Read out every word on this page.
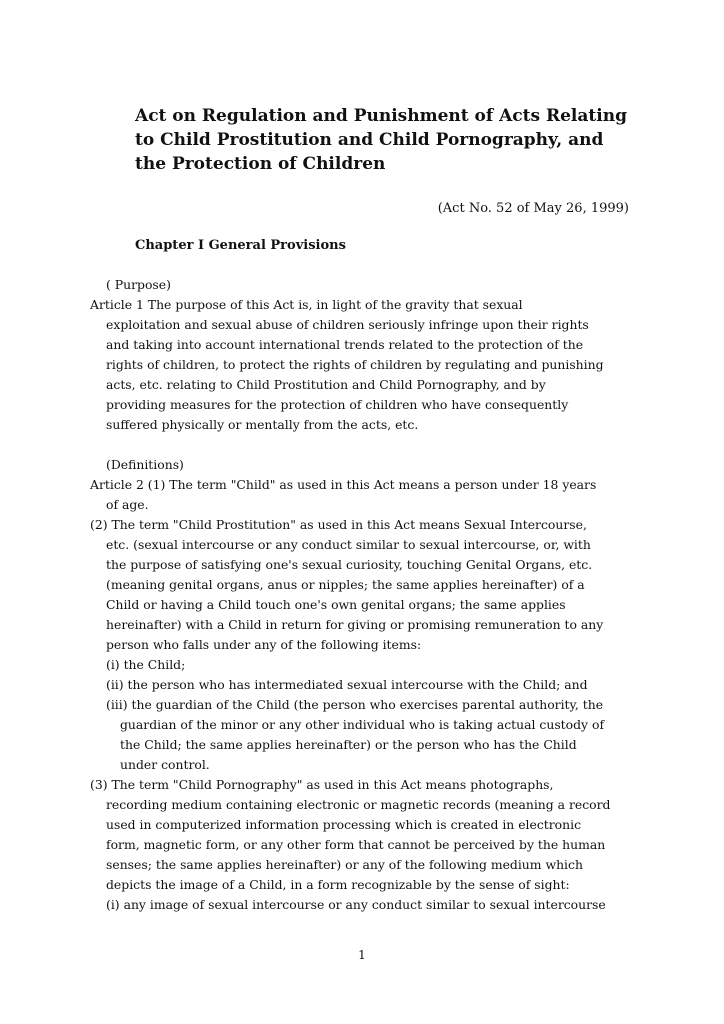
Act on Regulation and Punishment of Acts Relating
to Child Prostitution and Child Pornography, and
the Protection of Children
(Act No. 52 of May 26, 1999)
Chapter I General Provisions
( Purpose)
Article 1 The purpose of this Act is, in light of the gravity that sexual
exploitation and sexual abuse of children seriously infringe upon their rights
and taking into account international trends related to the protection of the
rights of children, to protect the rights of children by regulating and punishing
acts, etc. relating to Child Prostitution and Child Pornography, and by
providing measures for the protection of children who have consequently
suffered physically or mentally from the acts, etc.
(Definitions)
Article 2 (1) The term "Child" as used in this Act means a person under 18 years
of age.
(2) The term "Child Prostitution" as used in this Act means Sexual Intercourse,
etc. (sexual intercourse or any conduct similar to sexual intercourse, or, with
the purpose of satisfying one's sexual curiosity, touching Genital Organs, etc.
(meaning genital organs, anus or nipples; the same applies hereinafter) of a
Child or having a Child touch one's own genital organs; the same applies
hereinafter) with a Child in return for giving or promising remuneration to any
person who falls under any of the following items:
(i) the Child;
(ii) the person who has intermediated sexual intercourse with the Child; and
(iii) the guardian of the Child (the person who exercises parental authority, the
guardian of the minor or any other individual who is taking actual custody of
the Child; the same applies hereinafter) or the person who has the Child
under control.
(3) The term "Child Pornography" as used in this Act means photographs,
recording medium containing electronic or magnetic records (meaning a record
used in computerized information processing which is created in electronic
form, magnetic form, or any other form that cannot be perceived by the human
senses; the same applies hereinafter) or any of the following medium which
depicts the image of a Child, in a form recognizable by the sense of sight:
(i) any image of sexual intercourse or any conduct similar to sexual intercourse
1
